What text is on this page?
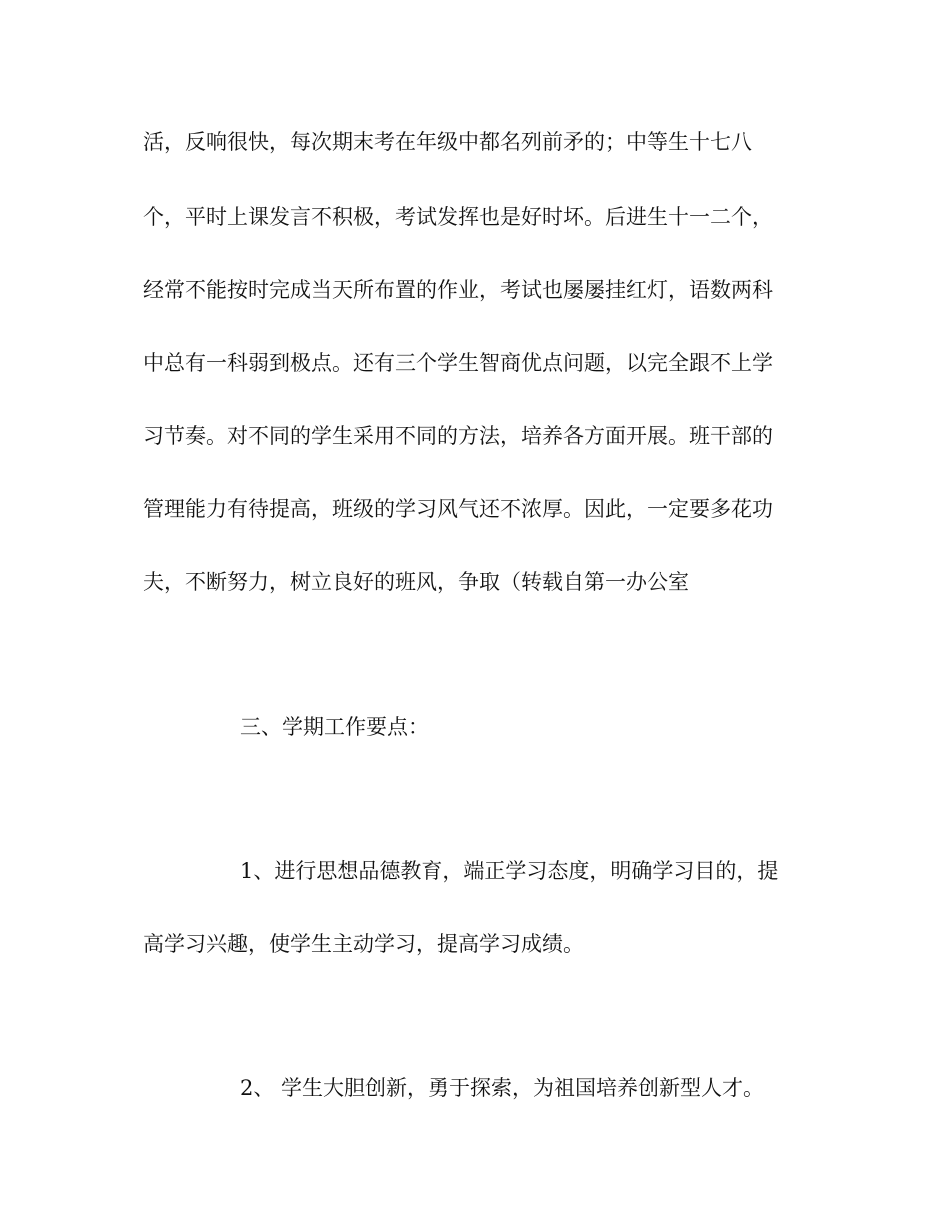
活，反响很快，每次期末考在年级中都名列前矛的；中等生十七八
个，平时上课发言不积极，考试发挥也是好时坏。后进生十一二个，
经常不能按时完成当天所布置的作业，考试也屡屡挂红灯，语数两科
中总有一科弱到极点。还有三个学生智商优点问题，以完全跟不上学
习节奏。对不同的学生采用不同的方法，培养各方面开展。班干部的
管理能力有待提高，班级的学习风气还不浓厚。因此，一定要多花功
夫，不断努力，树立良好的班风，争取（转载自第一办公室
三、学期工作要点：
1、进行思想品德教育，端正学习态度，明确学习目的，提
高学习兴趣，使学生主动学习，提高学习成绩。
2、 学生大胆创新，勇于探索，为祖国培养创新型人才。
